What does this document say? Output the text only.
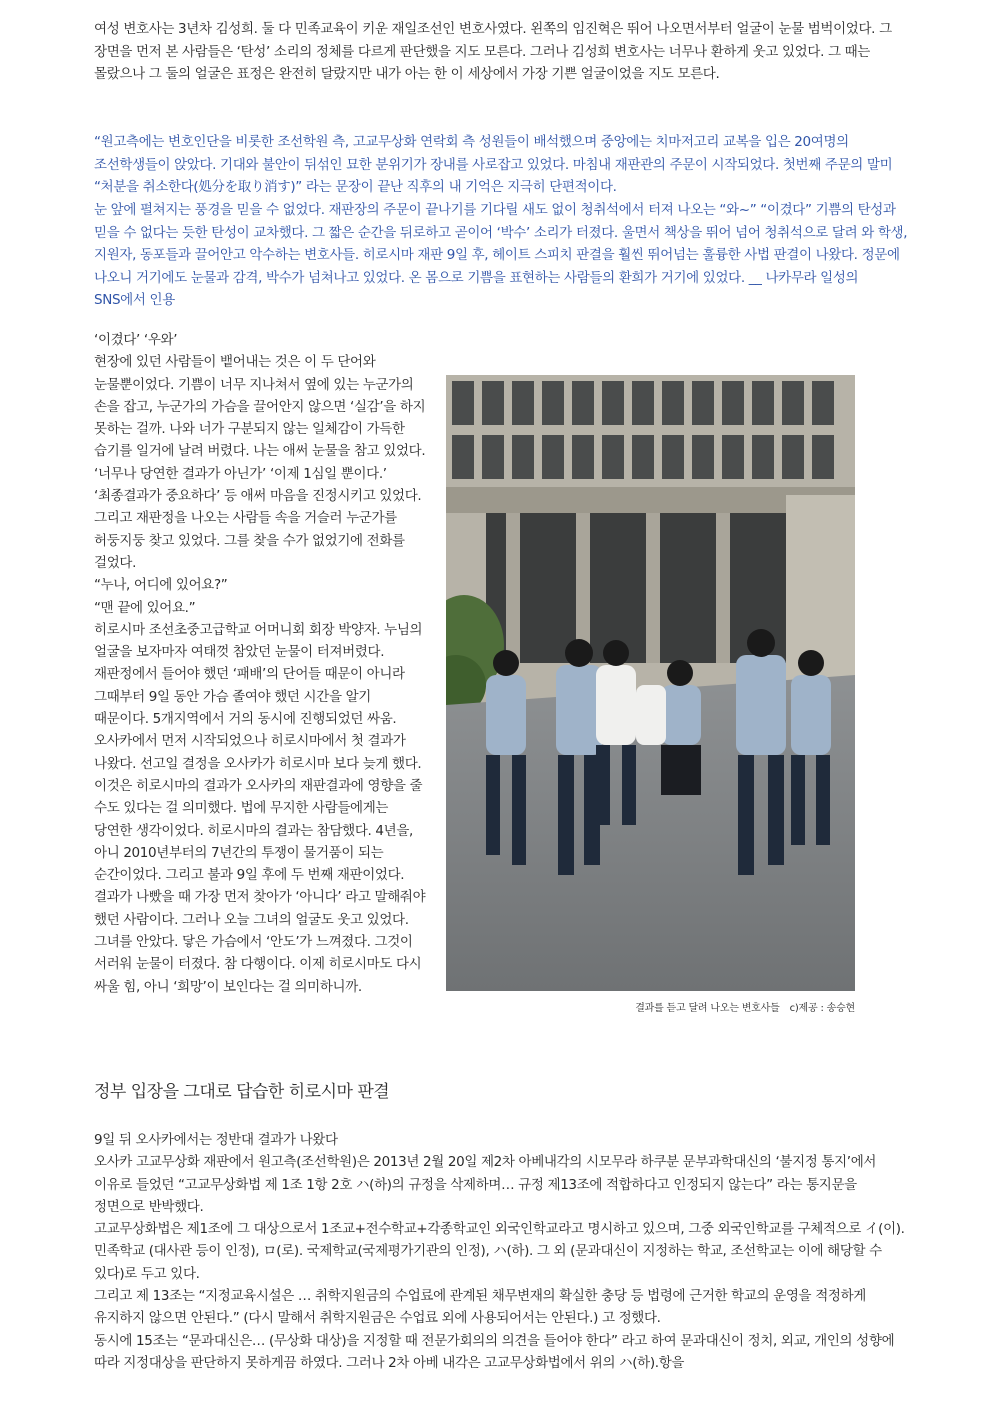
여성 변호사는 3년차 김성희. 둘 다 민족교육이 키운 재일조선인 변호사였다. 왼쪽의 임진혁은 뛰어 나오면서부터 얼굴이 눈물 범벅이었다. 그 장면을 먼저 본 사람들은 ‘탄성’ 소리의 정체를 다르게 판단했을 지도 모른다. 그러나 김성희 변호사는 너무나 환하게 웃고 있었다. 그 때는 몰랐으나 그 둘의 얼굴은 표정은 완전히 달랐지만 내가 아는 한 이 세상에서 가장 기쁜 얼굴이었을 지도 모른다.

“원고측에는 변호인단을 비롯한 조선학원 측, 고교무상화 연락회 측 성원들이 배석했으며 중앙에는 치마저고리 교복을 입은 20여명의 조선학생들이 앉았다. 기대와 불안이 뒤섞인 묘한 분위기가 장내를 사로잡고 있었다. 마침내 재판관의 주문이 시작되었다. 첫번째 주문의 말미 “처분을 취소한다(処分を取り消す)” 라는 문장이 끝난 직후의 내 기억은 지극히 단편적이다.

눈 앞에 펼쳐지는 풍경을 믿을 수 없었다. 재판장의 주문이 끝나기를 기다릴 새도 없이 청취석에서 터져 나오는 “와~” “이겼다” 기쁨의 탄성과 믿을 수 없다는 듯한 탄성이 교차했다. 그 짧은 순간을 뒤로하고 곧이어 ‘박수’ 소리가 터졌다. 울면서 책상을 뛰어 넘어 청취석으로 달려 와 학생, 지원자, 동포들과 끌어안고 악수하는 변호사들. 히로시마 재판 9일 후, 헤이트 스피치 판결을 훨씬 뛰어넘는 훌륭한 사법 판결이 나왔다. 정문에 나오니 거기에도 눈물과 감격, 박수가 넘쳐나고 있었다. 온 몸으로 기쁨을 표현하는 사람들의 환희가 거기에 있었다. __ 나카무라 일성의 SNS에서 인용

‘이겼다’ ‘우와’

현장에 있던 사람들이 뱉어내는 것은 이 두 단어와 눈물뿐이었다. 기쁨이 너무 지나쳐서 옆에 있는 누군가의 손을 잡고, 누군가의 가슴을 끌어안지 않으면 ‘실감’을 하지 못하는 걸까. 나와 너가 구분되지 않는 일체감이 가득한 습기를 일거에 날려 버렸다. 나는 애써 눈물을 참고 있었다. ‘너무나 당연한 결과가 아닌가’ ‘이제 1심일 뿐이다.’ ‘최종결과가 중요하다’ 등 애써 마음을 진정시키고 있었다. 그리고 재판정을 나오는 사람들 속을 거슬러 누군가를 허둥지둥 찾고 있었다. 그를 찾을 수가 없었기에 전화를 걸었다.

“누나, 어디에 있어요?”

“맨 끝에 있어요.”

히로시마 조선초중고급학교 어머니회 회장 박양자. 누님의 얼굴을 보자마자 여태껏 참았던 눈물이 터져버렸다. 재판정에서 들어야 했던 ‘패배’의 단어들 때문이 아니라 그때부터 9일 동안 가슴 졸여야 했던 시간을 알기 때문이다. 5개지역에서 거의 동시에 진행되었던 싸움. 오사카에서 먼저 시작되었으나 히로시마에서 첫 결과가 나왔다. 선고일 결정을 오사카가 히로시마 보다 늦게 했다. 이것은 히로시마의 결과가 오사카의 재판결과에 영향을 줄 수도 있다는 걸 의미했다. 법에 무지한 사람들에게는 당연한 생각이었다. 히로시마의 결과는 참담했다. 4년을, 아니 2010년부터의 7년간의 투쟁이 물거품이 되는 순간이었다. 그리고 불과 9일 후에 두 번째 재판이었다. 결과가 나빴을 때 가장 먼저 찾아가 ‘아니다’ 라고 말해줘야 했던 사람이다. 그러나 오늘 그녀의 얼굴도 웃고 있었다. 그녀를 안았다. 닿은 가슴에서 ‘안도’가 느껴졌다. 그것이 서러워 눈물이 터졌다. 참 다행이다. 이제 히로시마도 다시 싸울 힘, 아니 ‘희망’이 보인다는 걸 의미하니까.

결과를 듣고 달려 나오는 변호사들 c)제공 : 송승현
정부 입장을 그대로 답습한 히로시마 판결

9일 뒤 오사카에서는 정반대 결과가 나왔다

오사카 고교무상화 재판에서 원고측(조선학원)은 2013년 2월 20일 제2차 아베내각의 시모무라 하쿠분 문부과학대신의 ‘불지정 통지’에서 이유로 들었던 “고교무상화법 제 1조 1항 2호 ハ(하)의 규정을 삭제하며… 규정 제13조에 적합하다고 인정되지 않는다” 라는 통지문을 정면으로 반박했다.

고교무상화법은 제1조에 그 대상으로서 1조교+전수학교+각종학교인 외국인학교라고 명시하고 있으며, 그중 외국인학교를 구체적으로 イ(이). 민족학교 (대사관 등이 인정), ロ(로). 국제학교(국제평가기관의 인정), ハ(하). 그 외 (문과대신이 지정하는 학교, 조선학교는 이에 해당할 수 있다)로 두고 있다.

그리고 제 13조는 “지정교육시설은 … 취학지원금의 수업료에 관계된 채무변재의 확실한 충당 등 법령에 근거한 학교의 운영을 적정하게 유지하지 않으면 안된다.” (다시 말해서 취학지원금은 수업료 외에 사용되어서는 안된다.) 고 정했다.

동시에 15조는 “문과대신은… (무상화 대상)을 지정할 때 전문가회의의 의견을 들어야 한다” 라고 하여 문과대신이 정치, 외교, 개인의 성향에 따라 지정대상을 판단하지 못하게끔 하였다. 그러나 2차 아베 내각은 고교무상화법에서 위의 ハ(하).항을
